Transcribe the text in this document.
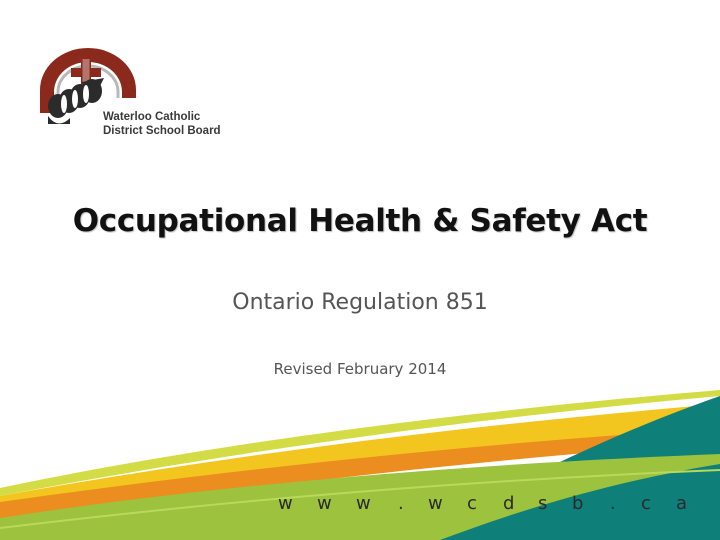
Waterloo Catholic
District School Board
Occupational Health & Safety Act
Ontario Regulation 851
Revised February 2014
w w w . w c d s b . c a
